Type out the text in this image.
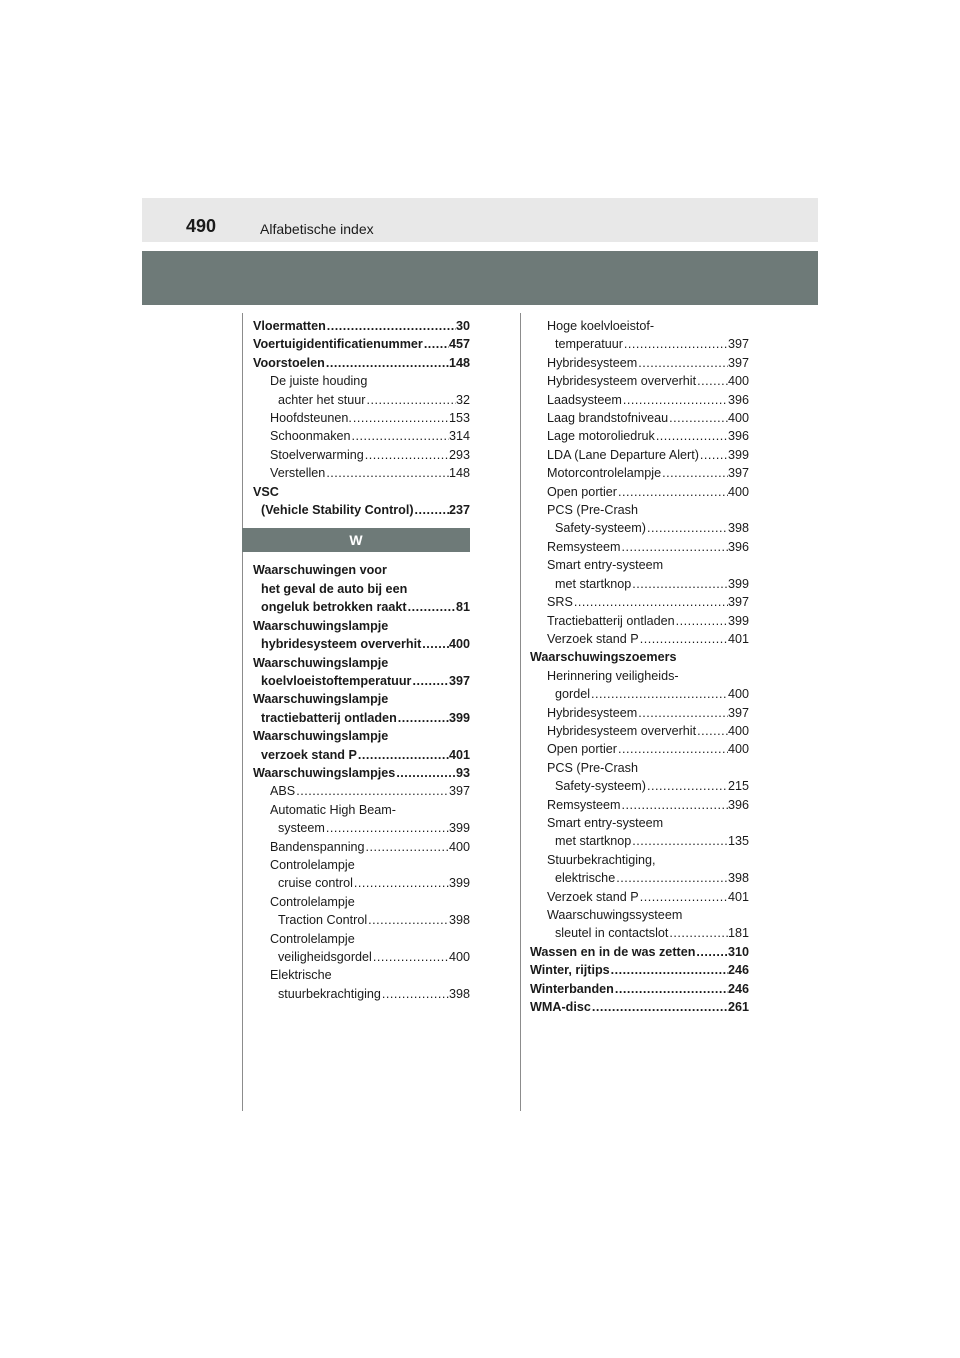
490	Alfabetische index
Vloermatten .....	30
Voertuigidentificatienummer ..... 457
Voorstoelen .....	148
De juiste houding
achter het stuur .....	32
Hoofdsteunen. .....	153
Schoonmaken .....	314
Stoelverwarming .....	293
Verstellen .....	148
VSC
(Vehicle Stability Control) .....	237
W
Waarschuwingen voor
het geval de auto bij een
ongeluk betrokken raakt .....	81
Waarschuwingslampje
hybridesysteem oververhit ..... 400
Waarschuwingslampje
koelvloeistoftemperatuur .....	397
Waarschuwingslampje
tractiebatterij ontladen .....	399
Waarschuwingslampje
verzoek stand P .....	401
Waarschuwingslampjes .....	93
ABS .....	397
Automatic High Beam-
systeem .....	399
Bandenspanning .....	400
Controlelampje
cruise control .....	399
Controlelampje
Traction Control .....	398
Controlelampje
veiligheidsgordel .....	400
Elektrische
stuurbekrachtiging .....	398
Hoge koelvloeistof-
temperatuur .....	397
Hybridesysteem .....	397
Hybridesysteem oververhit .....	400
Laadsysteem .....	396
Laag brandstofniveau .....	400
Lage motoroliedruk .....	396
LDA (Lane Departure Alert) ..... 399
Motorcontrolelampje .....	397
Open portier .....	400
PCS (Pre-Crash
Safety-systeem) .....	398
Remsysteem .....	396
Smart entry-systeem
met startknop .....	399
SRS .....	397
Tractiebatterij ontladen .....	399
Verzoek stand P .....	401
Waarschuwingszoemers
Herinnering veiligheids-
gordel .....	400
Hybridesysteem .....	397
Hybridesysteem oververhit .....	400
Open portier .....	400
PCS (Pre-Crash
Safety-systeem) .....	215
Remsysteem .....	396
Smart entry-systeem
met startknop .....	135
Stuurbekrachtiging,
elektrische .....	398
Verzoek stand P .....	401
Waarschuwingssysteem
sleutel in contactslot .....	181
Wassen en in de was zetten .....	310
Winter, rijtips .....	246
Winterbanden .....	246
WMA-disc .....	261
